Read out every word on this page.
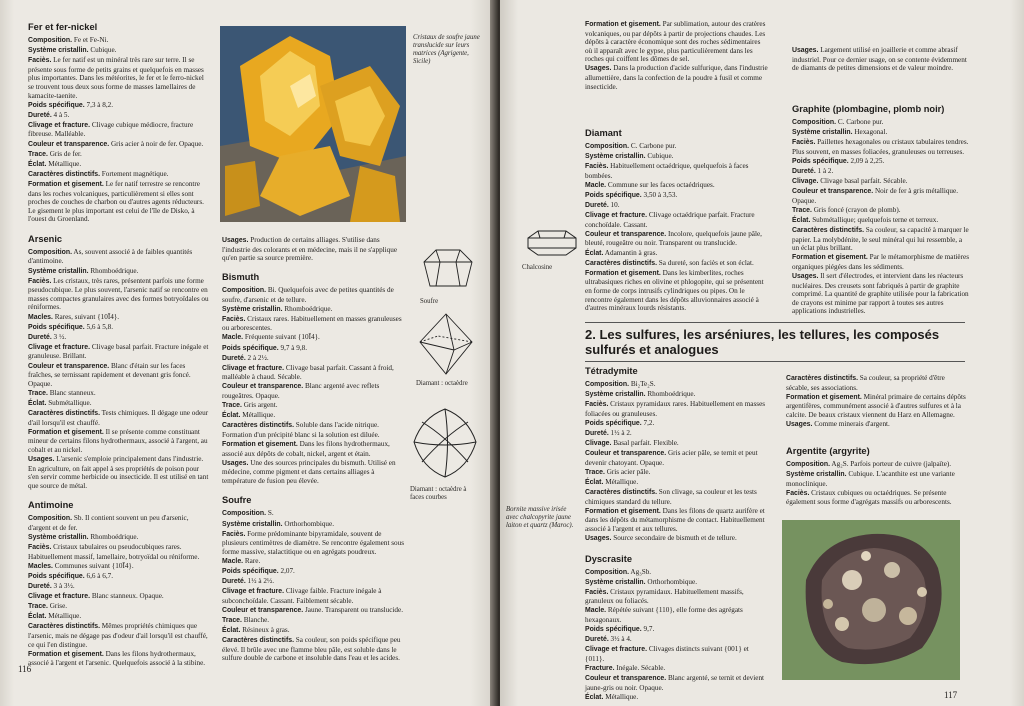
Fer et fer-nickel

Composition. Fe et Fe-Ni.

Système cristallin. Cubique.

Faciès. Le fer natif est un minéral très rare sur terre. Il se présente sous forme de petits grains et quelquefois en masses plus importantes. Dans les météorites, le fer et le ferro-nickel se trouvent tous deux sous forme de masses lamellaires de kamacite-taenite.

Poids spécifique. 7,3 à 8,2.

Dureté. 4 à 5.

Clivage et fracture. Clivage cubique médiocre, fracture fibreuse. Malléable.

Couleur et transparence. Gris acier à noir de fer. Opaque.

Trace. Gris de fer.

Éclat. Métallique.

Caractères distinctifs. Fortement magnétique.

Formation et gisement. Le fer natif terrestre se rencontre dans les roches volcaniques, particulièrement si elles sont proches de couches de charbon ou d'autres agents réducteurs. Le gisement le plus important est celui de l'île de Disko, à l'ouest du Groenland.

Arsenic

Composition. As, souvent associé à de faibles quantités d'antimoine.

Système cristallin. Rhomboédrique.

Faciès. Les cristaux, très rares, présentent parfois une forme pseudocubique. Le plus souvent, l'arsenic natif se rencontre en masses compactes granulaires avec des formes botryoïdales ou réniformes.

Macles. Rares, suivant {10Ī4}.

Poids spécifique. 5,6 à 5,8.

Dureté. 3 ½.

Clivage et fracture. Clivage basal parfait. Fracture inégale et granuleuse. Brillant.

Couleur et transparence. Blanc d'étain sur les faces fraîches, se ternissant rapidement et devenant gris foncé. Opaque.

Trace. Blanc stanneux.

Éclat. Submétallique.

Caractères distinctifs. Tests chimiques. Il dégage une odeur d'ail lorsqu'il est chauffé.

Formation et gisement. Il se présente comme constituant mineur de certains filons hydrothermaux, associé à l'argent, au cobalt et au nickel.

Usages. L'arsenic s'emploie principalement dans l'industrie. En agriculture, on fait appel à ses propriétés de poison pour s'en servir comme herbicide ou insecticide. Il est utilisé en tant que source de métal.

Antimoine

Composition. Sb. Il contient souvent un peu d'arsenic, d'argent et de fer.

Système cristallin. Rhomboédrique.

Faciès. Cristaux tabulaires ou pseudocubiques rares. Habituellement massif, lamellaire, botryoïdal ou réniforme.

Macles. Communes suivant {10Ī4}.

Poids spécifique. 6,6 à 6,7.

Dureté. 3 à 3½.

Clivage et fracture. Blanc stanneux. Opaque.

Trace. Grise.

Éclat. Métallique.

Caractères distinctifs. Mêmes propriétés chimiques que l'arsenic, mais ne dégage pas d'odeur d'ail lorsqu'il est chauffé, ce qui l'en distingue.

Formation et gisement. Dans les filons hydrothermaux, associé à l'argent et l'arsenic. Quelquefois associé à la stibine.

Cristaux de soufre jaune translucide sur leurs matrices (Agrigente, Sicile)

Usages. Production de certains alliages. S'utilise dans l'industrie des colorants et en médecine, mais il ne s'applique qu'en partie sa source première.

Bismuth

Composition. Bi. Quelquefois avec de petites quantités de soufre, d'arsenic et de tellure.

Système cristallin. Rhomboédrique.

Faciès. Cristaux rares. Habituellement en masses granuleuses ou arborescentes.

Macle. Fréquente suivant {10Ī4}.

Poids spécifique. 9,7 à 9,8.

Dureté. 2 à 2½.

Clivage et fracture. Clivage basal parfait. Cassant à froid, malléable à chaud. Sécable.

Couleur et transparence. Blanc argenté avec reflets rougeâtres. Opaque.

Trace. Gris argent.

Éclat. Métallique.

Caractères distinctifs. Soluble dans l'acide nitrique. Formation d'un précipité blanc si la solution est diluée.

Formation et gisement. Dans les filons hydrothermaux, associé aux dépôts de cobalt, nickel, argent et étain.

Usages. Une des sources principales du bismuth. Utilisé en médecine, comme pigment et dans certains alliages à température de fusion peu élevée.

Soufre

Composition. S.

Système cristallin. Orthorhombique.

Faciès. Forme prédominante bipyramidale, souvent de plusieurs centimètres de diamètre. Se rencontre également sous forme massive, stalactitique ou en agrégats poudreux.

Macle. Rare.

Poids spécifique. 2,07.

Dureté. 1½ à 2½.

Clivage et fracture. Clivage faible. Fracture inégale à subconchoïdale. Cassant. Faiblement sécable.

Couleur et transparence. Jaune. Transparent ou translucide.

Trace. Blanche.

Éclat. Résineux à gras.

Caractères distinctifs. Sa couleur, son poids spécifique peu élevé. Il brûle avec une flamme bleu pâle, est soluble dans le sulfure double de carbone et insoluble dans l'eau et les acides.

Soufre
Diamant : octaèdre
Diamant : octaèdre à faces courbes
116

Formation et gisement. Par sublimation, autour des cratères volcaniques, ou par dépôts à partir de projections chaudes. Les dépôts à caractère économique sont des roches sédimentaires où il apparaît avec le gypse, plus particulièrement dans les roches qui coiffent les dômes de sel.

Usages. Dans la production d'acide sulfurique, dans l'industrie allumettière, dans la confection de la poudre à fusil et comme insecticide.

Diamant

Composition. C. Carbone pur.

Système cristallin. Cubique.

Faciès. Habituellement octaédrique, quelquefois à faces bombées.

Macle. Commune sur les faces octaédriques.

Poids spécifique. 3,50 à 3,53.

Dureté. 10.

Clivage et fracture. Clivage octaédrique parfait. Fracture conchoïdale. Cassant.

Couleur et transparence. Incolore, quelquefois jaune pâle, bleuté, rougeâtre ou noir. Transparent ou translucide.

Éclat. Adamantin à gras.

Caractères distinctifs. Sa dureté, son faciès et son éclat.

Formation et gisement. Dans les kimberlites, roches ultrabasiques riches en olivine et phlogopite, qui se présentent en forme de corps intrusifs cylindriques ou pipes. On le rencontre également dans les dépôts alluvionnaires associé à d'autres minéraux lourds résistants.

Usages. Largement utilisé en joaillerie et comme abrasif industriel. Pour ce dernier usage, on se contente évidemment de diamants de petites dimensions et de valeur moindre.

Graphite (plombagine, plomb noir)

Composition. C. Carbone pur.

Système cristallin. Hexagonal.

Faciès. Paillettes hexagonales ou cristaux tabulaires tendres. Plus souvent, en masses foliacées, granuleuses ou terreuses.

Poids spécifique. 2,09 à 2,25.

Dureté. 1 à 2.

Clivage. Clivage basal parfait. Sécable.

Couleur et transparence. Noir de fer à gris métallique. Opaque.

Trace. Gris foncé (crayon de plomb).

Éclat. Submétallique; quelquefois terne et terreux.

Caractères distinctifs. Sa couleur, sa capacité à marquer le papier. La molybdénite, le seul minéral qui lui ressemble, a un éclat plus brillant.

Formation et gisement. Par le métamorphisme de matières organiques piégées dans les sédiments.

Usages. Il sert d'électrodes, et intervient dans les réacteurs nucléaires. Des creusets sont fabriqués à partir de graphite comprimé. La quantité de graphite utilisée pour la fabrication de crayons est minime par rapport à toutes ses autres applications industrielles.

Chalcosine
Bornite massive irisée avec chalcopyrite jaune laiton et quartz (Maroc).
Tétradymite

Composition. Bi₂Te₂S.

Système cristallin. Rhomboédrique.

Faciès. Cristaux pyramidaux rares. Habituellement en masses foliacées ou granuleuses.

Poids spécifique. 7,2.

Dureté. 1½ à 2.

Clivage. Basal parfait. Flexible.

Couleur et transparence. Gris acier pâle, se ternit et peut devenir chatoyant. Opaque.

Trace. Gris acier pâle.

Éclat. Métallique.

Caractères distinctifs. Son clivage, sa couleur et les tests chimiques standard du tellure.

Formation et gisement. Dans les filons de quartz aurifère et dans les dépôts du métamorphisme de contact. Habituellement associé à l'argent et aux tellures.

Usages. Source secondaire de bismuth et de tellure.

Dyscrasite

Composition. Ag₃Sb.

Système cristallin. Orthorhombique.

Faciès. Cristaux pyramidaux. Habituellement massifs, granuleux ou foliacés.

Macle. Répétée suivant {110}, elle forme des agrégats hexagonaux.

Poids spécifique. 9,7.

Dureté. 3½ à 4.

Clivage et fracture. Clivages distincts suivant {001} et {011}.

Fracture. Inégale. Sécable.

Couleur et transparence. Blanc argenté, se ternit et devient jaune-gris ou noir. Opaque.

Éclat. Métallique.

Caractères distinctifs. Sa couleur, sa propriété d'être sécable, ses associations.

Formation et gisement. Minéral primaire de certains dépôts argentifères, communément associé à d'autres sulfures et à la calcite. De beaux cristaux viennent du Harz en Allemagne.

Usages. Comme minerais d'argent.

Argentite (argyrite)

Composition. Ag₂S. Parfois porteur de cuivre (jalpaïte).

Système cristallin. Cubique. L'acanthite est une variante monoclinique.

Faciès. Cristaux cubiques ou octaédriques. Se présente également sous forme d'agrégats massifs ou arborescents.

117
2. Les sulfures, les arséniures, les tellures, les composés sulfurés et analogues
